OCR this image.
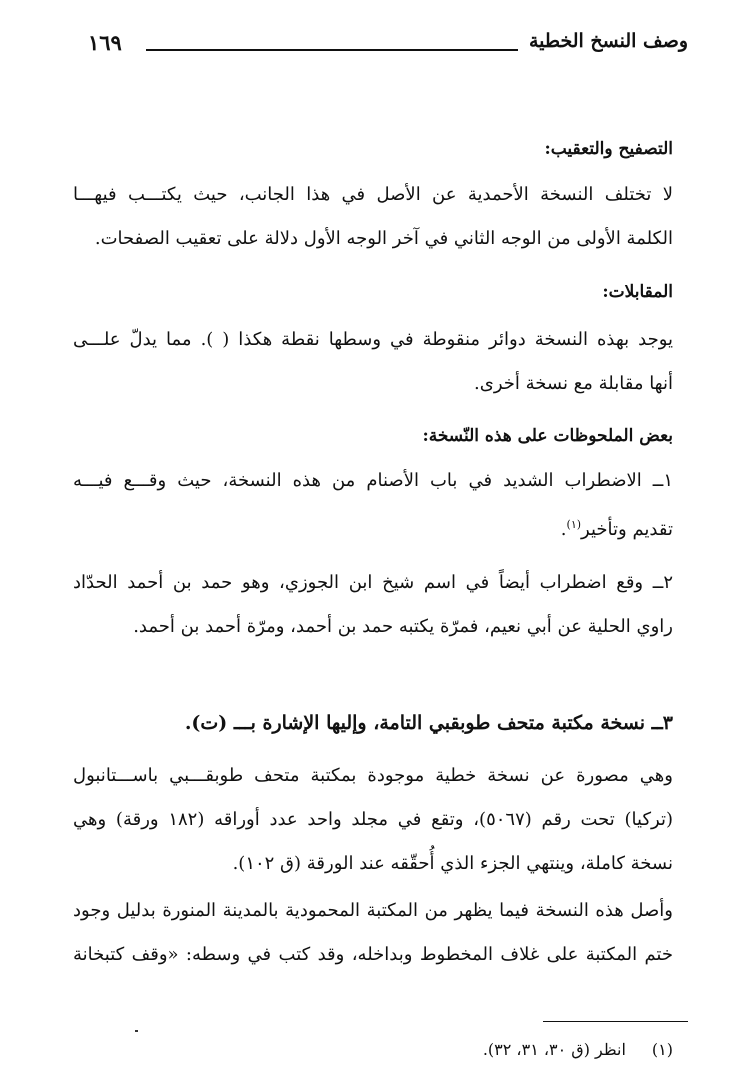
وصف النسخ الخطية
١٦٩
التصفيح والتعقيب:
لا تختلف النسخة الأحمدية عن الأصل في هذا الجانب، حيث يكتـــب فيهـــا
الكلمة الأولى من الوجه الثاني في آخر الوجه الأول دلالة على تعقيب الصفحات.
المقابلات:
يوجد بهذه النسخة دوائر منقوطة في وسطها نقطة هكذا ( ). مما يدلّ علـــى
أنها مقابلة مع نسخة أخرى.
بعض الملحوظات على هذه النّسخة:
١ــ الاضطراب الشديد في باب الأصنام من هذه النسخة، حيث وقـــع فيـــه
تقديم وتأخير$^{(١)}$.
٢ــ وقع اضطراب أيضاً في اسم شيخ ابن الجوزي، وهو حمد بن أحمد الحدّاد
راوي الحلية عن أبي نعيم، فمرّة يكتبه حمد بن أحمد، ومرّة أحمد بن أحمد.
٣ــ نسخة مكتبة متحف طوبقبي التامة، وإليها الإشارة بـــ (ت).
وهي مصورة عن نسخة خطية موجودة بمكتبة متحف طوبقـــبي باســـتانبول
(تركيا) تحت رقم (٥٠٦٧)، وتقع في مجلد واحد عدد أوراقه (١٨٢ ورقة) وهي
نسخة كاملة، وينتهي الجزء الذي أُحقّقه عند الورقة (ق ١٠٢).
وأصل هذه النسخة فيما يظهر من المكتبة المحمودية بالمدينة المنورة بدليل وجود
ختم المكتبة على غلاف المخطوط وبداخله، وقد كتب في وسطه: «وقف كتبخانة
(١)انظر (ق ٣٠، ٣١، ٣٢).
